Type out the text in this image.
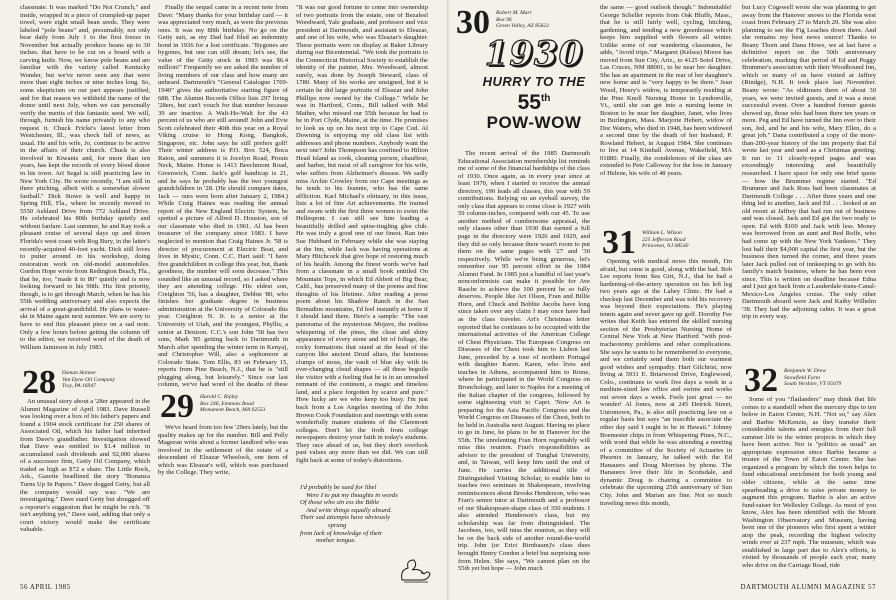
classmate. It was marked "Do Not Crunch," and inside, wrapped in a piece of crumpled-up paper towel, were eight small bean seeds. They were labeled "pole beans" and, presumably, not only bear daily from July 1 to the first freeze in November but actually produce beans up to 30 inches. that have to be cut on a board with a carving knife. Now, we know pole beans and are familiar with the variety called Kentucky Wonder, but we've never seen any that were more than eight inches or nine inches long. So, some skepticism on our part appears justified, and for that reason we withheld the name of the donor until next July, when we can personally verify the merits of this fantastic seed. We will, through, furnish his name privately to any who request it. Chuck Fricke's latest letter from Westchester, Ill., was chock full of news, as usual. He and his wife, Jo, continue to be active in the affairs of their church. Chuck is also involved in Kiwanis and, for more than ten years, has kept the records of every blood donor in his town. Art Segal is still practicing law in New York City. He wrote recently, "I am still in there pitching, albeit with a somewhat slower fastball." Dick Stowe is well and happy in Spring Hill, Fla., where he recently moved to 5550 Ashland Drive from 772 Ashland Drive. He celebrated his 80th birthday quietly and without fanfare. Last summer, he and Kay took a pleasant cruise of several days up and down Florida's west coast with Rog Bury, in the latter's recently-acquired 40-foot yacht. Dick still loves to putter around in his workshop, doing restoration work on old-model automobiles. Gordon Hope wrote from Redington Beach, Fla., that he, too, "made it to 80" quietly and is now looking forward to his 90th. His first priority, though, is to get through March, when he has his 55th wedding anniversary and also expects the arrival of a great-grandchild. He plans to water-ski in Maine again next summer. We are sorry to have to end this pleasant piece on a sad note. Only a few hours before getting the column off to the editor, we received word of the death of William Jamieson in July 1983.

28 Osman Skinner
Van Dyne Oil Company
Troy, PA 16947

An unusual story about a '28er appeared in the Alumni Magazine of April 1983. Dave Russell was looking over a box of his father's papers and found a 1904 stock certificate for 250 shares of Associated Oil, which his father had inherited from Dave's grandfather. Investigation showed that Dave was entitled to $1.4 million in accumulated cash dividends and 92,000 shares of a successor firm, Getty Oil Company, which traded as high as $72 a share. The Little Rock, Ark., Gazette headlined the story "Bonanza Turns Up In Papers." Dave dogged Getty, but all the company would say was: "We are investigating." Dave sued Getty but shrugged off a reporter's suggestion that he might be rich. "It isn't anything yet," Dave said, adding that only a court victory would make the certificate valuable.

Finally the sequel came in a recent note from Dave: "Many thanks for your birthday card — it was appreciated very much, as were the previous ones. It was my 80th birthday. No go on the Getty suit, as my Dad had filed an indemnity bond in 1936 for a lost certificate. "Bygones are bygones, but one can still dream; let's see, the value of the Getty stock in 1983 was $6.4 million!" Frequently we are asked the number of living members of our class and how many are unheard. Dartmouth's "General Catalogue 1769-1940" gives the authoritative starting figure of 688. The Alumni Records Office lists 297 living '28ers, but can't vouch for that number because 39 are inactive. A Walt-Ho-Walt for the 43 percent of us who are still around! John and Evie Scott celebrated their 40th this year on a Royal Viking cruise to Hong Kong, Bangkok, Singapore, etc. John says he still prefers golf! Their winter address is P.O. Box 524, Boca Raton, and summers it is Jocelyn Road, Prouts Neck, Maine. Home is 1413 Beechmont Road, Greenwich, Conn. Jack's golf handicap is 21, and he says he probably has the two youngest grandchildren in '28. (He should compare dates, Jack — ours were born after January 2, 1984.) While Craig Haines was reading the annual report of the New England Electric System, he spotted a picture of Alfred D. Houston, son of our classmate who died in 1961. Al has been treasurer of the company since 1983. I have neglected to mention that Craig Haines Jr. '58 is director of procurement at Electric Boat, and lives in Mystic, Conn. C.C. Hart said: "I have five grandchildren in college this year, but, thank goodness, the number will soon decrease." This sounded like an unusual record, so I asked where they are attending college. His eldest son, Creighton '56, has a daughter, Debbie '80, who finishes her graduate degree in business administration at the University of Colorado this year. Creighton N. Jr. is a senior at the University of Utah, and the youngest, Phyllis, a senior at Denison. C.C.'s son John '58 has two sons, Mark '85 getting back to Dartmouth in March after spending the winter term in Kenya), and Christopher Will, also a sophomore at Colorado State. Tom Ellis, 83 on February 15, reports from Pine Beach, N.J., that he is "still plugging along, but leisurely." Since our last column, we've had word of the deaths of these

29 Harold C. Ripley
Box 246, Emmons Road
Monument Beach, MA 02553

We've heard from too few '29ers lately, but the quality makes up for the number. Bill and Polly Mageean write about a former landlord who was involved in the settlement of the estate of a descendant of Eleazar Wheelock, one item of which was Eleazar's will, which was purchased by the College. They write,

"It was our good fortune to come into ownership of two portraits from the estate, one of Bezaleel Woodward, Yale graduate, and professor and vice president at Dartmouth, and assistant to Eleazar, and one of his wife, who was Eleazar's daughter. These portraits were on display at Baker Library during our Bicentennial. "We took the portraits to the Connecticut Historical Society to establish the identity of the painter, Mrs. Woodward, almost surely, was done by Joseph Steward, class of 1780. Many of his works are unsigned, but it is certain he did large portraits of Eleazar and John Phillips now owned by the College." While he was in Hartford, Conn., Bill talked with Mal Mather, who missed our 55th because he had to be in Port Clyde, Maine, at the time. He promises to look us up on his next trip to Cape Cod. Al Downing is enjoying my old class list with addresses and phone numbers. Anybody want the next one? John Thompson has confined to Hilton Head Island as cook, cleaning person, chauffeur, and barber, but most of all caregiver for his wife, who suffers from Alzheimer's disease. We sadly miss Archie Crowley from our Cape meetings as he tends to his Jeannie, who has the same affliction. Karl Michael's obituary, in this issue, lists a lot of fine Art achievements. He trained and swam with the first three women to swim the Hellespont. I can still see him leading a beautifully drilled and spine-tingling glee club. He was truly a good one of our finest. Ran into Sue Hubbard in February while she was staying at the Inn, while Jack was having operations at Mary Hitchcock that give hope of restoring much of his health. Among the finest words we've had from a classmate in a small book entitled On Mountain Tops, in which Ed Abbott of Big Bear, Calif., has preserved many of the poems and fine thoughts of his lifetime. After reading a prose poem about his Shadow Ranch in the San Bernadino mountains, I'd feel instantly at home if I should land there. Here's a sample: "The vast panorama of the mysterious Mojave, the restless whispering of the pines, the clean and shiny appearance of every stone and bit of foliage, the rocky formations that stand at the head of the canyon like ancient Druid altars, the luminous clumps of moss, the vault of blue sky with its ever-changing cloud shapes — all these beguile the visitor with a feeling that he is in an unrushed remnant of the continent, a magic and timeless land, and a place forgotten by scarce and pure." How lucky are we who keep too busy. I'm just back from a Los Angeles meeting of the John Brown Cook Foundation and meetings with some wonderfully mature students of the Claremont colleges. Don't let the froth from college newspapers destroy your faith in today's students. They race ahead of us, but they don't overlook past values any more than we did. We can still fight back at some of today's distortions.

I'd probably be sued for libel
Were I to put my thoughts in words
Of those who sin ess the Bible
And write things equally absurd.
Their sad attempts have obviously
sprung
from lack of knowledge of their
mother tongue.
56 APRIL 1985
30 Robert M. Marr
Box 96
Green Valley, AZ 85622
1930
HURRY TO THE
55th
POW-WOW

The recent arrival of the 1985 Dartmouth Educational Association membership list reminds me of some of the financial hardships of the class of 1930. Once again, as in every year since at least 1970, when I started to receive the annual directory, 190 leads all classes, this year with 59 contributions. Relying on an eyeball survey, the only class that appears to come close is 1927 with 59 column-inches, compared with our 45. To use another method of cumbersome appraisal, the only classes other than 1930 that earned a full page in the directory were 1926 and 1929, and they did so only because there wasn't room to put them on the same pages with '27 and '30 respectively. While we're being generous, let's remember our 95 percent effort in the 1984 Alumni Fund. In 1985 just a handful of last year's nonconformists can make it possible for Ave Rasche to achieve the 100 percent he so fully deserves. People like Art Olson, Fran and Billie Horn, and Chuck and Bobbie Jacobs have long since taken over any claim I may once have had as the class traveler. Art's Christmas letter reported that he continues to be occupied with the international activities of the American College of Chest Physicians. The European Congress on Diseases of the Chest took him to Lisbon last June, preceded by a tour of northern Portugal with daughter Karen. Karen, who lives and teaches in Athens, accompanied him to Rome, where he participated in the World Congress on Bronchology, and later to Naples for a meeting of the Italian chapter of the congress, followed by some sightseeing visit to Capri. 'Now Art is preparing for the Asia Pacific Congress and the World Congress on Diseases of the Chest, both to be held in Australia next August. Having no place to go in June, he plans to be in Hanover for the 55th. The unrelenting Fran Horn regrettably will miss this reunion. Fran's responsibilities as advisor to the president of Tunghai University, and, in Taiwan, will keep him until the end of June. He carries the additional title of Distinguished Visiting Scholar, to enable him to teaches two seminars in Shakespeare, involving reminiscences about Brooks Henderson, who was Fran's senior tutor at Dartmouth and a professor of our Shakespeare-shape class of 350 students. I also attended Henderson's class, but my scholarship was far from distinguished. The Jacobses, too, will miss the reunion, as they will be on the back side of another round-the-world trip. John (or Erict Birnbaum)'s class dues brought Henry Condon a brief but surprising note from Helen. She says, "We cannot plan on the 55th yet but hope — John much

the same — good outlook though." Indomitable! George Scheller reports from Oak Bluffs, Mass., that he is still fairly well, cycling, hitching, gardening, and tending a new greenhouse which keeps him supplied with flowers all winter. Unlike some of our wandering classmates, he adds, "Avoid trips." Margaret (Kelsea) Moore has moved from Sun City, Ariz., to 4125 Sotol Drive, Las Cruces, NM 88001, to be near her daughter. She has an apartment in the rear of her daughter's new home and is "very happy to be there." Jean Wood, Henry's widow, is temporarily residing at the Pine Knoll Nursing Home in Lyndonville, Vt., until she can get into a nursing home in Boston to be near her daughter, Janet, who lives in Burlington, Mass. Marjorie Hebert, widow of Doc Waters, who died in 1948, has been widowed a second time by the death of her husband, P. Rowland Hebert, in August 1984. She continues to live at 14 Kimball Avenue, Wakefield, MA 01880. Finally, the condolences of the class are extended to Pete Calloway for the loss in January of Helene, his wife of 48 years.

31 William L. Wilson
225 Jefferson Road
Princeton, NJ 08540

Opening with medical news this month, I'm afraid, but some is good, along with the bad. Bob Lee reports from Sea Girt, N.J., that he had a hardening-of-the-artery operation on his left leg two years ago at the Lahey Clinic. He had a checkup last December and was told his recovery was beyond their expectations. He's playing tennis again and never gave up golf. Dorothy Fee writes that Keith has entered the skilled nursing section of the Presbyterian Nursing Home of Central New York at New Hartford "with post-tracheotomy problems and other complications. She says he wants to be remembered to everyone, and we certainly send them both our warmest good wishes and sympathy. Hart Gilchrist, now living at 5931 E. Briarwood Drive, Englewood, Colo., continues to work five days a week in a medium-sized law office and swims and works out seven days a week. Feels just great — no wonder! Al Jones, now at 245 Detrick Street, Uniontown, Pa., is also still practicing law on a regular basis but says "an irascible associate the other day said I ought to be in Hawaii." Johnny Boemester chips in from Whispering Pines, N.C., with word that while he was attending a meeting of a committee of the Society of Actuaries in Phoenix in January, he talked with the Ed Hanauers and Doug Morrises by phone. The Hanauers love their life in Scottsdale, and dynamic Doug is chairing a committee to celebrate the upcoming 25th anniversary of Sun City. John and Marian are fine. Not so much traveling news this month,

but Lucy Cogswell wrote she was planning to get away from the Hanover snows to the Florida west coast from February 27 to March 29. She was also planning to see the Fig Leaches down there. And she remains my best news source! Thanks to Beany Thorn and Dana Howe, we at last have a definitive report on the 50th anniversary celebration, marking that period of Ed and Peggy Brummer's association with their Woodbound Inn, which so many of us have visited at Jaffrey (Rindge), N.H. It took place last November. Beany wrote: "As oldtimers there of about 30 years, we were invited guests, and it was a most successful event. Over a hundred former guests showed up, those who had been there ten years or more. Peg and Ed have turned the Inn over to their son, Jed, and he and his wife, Mary Ellen, do a great job." Dana contributed a copy of the more-than-200-year history of the inn property that Ed wrote last year and used as a Christmas greeting. It ran to 11 closely-typed pages and was exceedingly interesting and beautifully researched. I have space for only one brief quote — how the Brummer regime started. "Ed Brummer and Jack Ross had been classmates at Dartmouth College . . . After three years and one thing led to another, Jack and Ed . . . looked at an old resort at Jaffrey that had run out of business and was closed. Jack and Ed got the two ready to open. Ed with $100 and Jack with less. Money was borrowed from an aunt and Red Rolfe, who had come up with the New York Yankees." They lost half their $4,000 capital the first year, but the business then turned the corner, and three years later Jack pulled out of innkeeping to go with his family's match business, where he has been ever since. This is written on deadline because Edna and I just got back from a Lauderdale-trans-Canal-Mexico-Los Angeles cruise. The only other Dartmouth aboard were Jack and Kathy Wilhelm '38. They had the adjoining cabin. It was a great trip in every way.

32 Benjamin W. Drew
Snowfield Farm
South Vershire, VT 05079

Some of you "flatlanders" may think that life comes to a standstill when the mercury dips to ten below in Eaton Center, N.H. "Not so," say Alex and Barbie McKenzie, as they transfer their considerable talents and energies from their full summer life to the winter projects in which they have been active. Nor is "politics as usual" an appropriate expression since Barbie became a trustee of the Town of Eaton Center. She has organized a program by which the town helps to fund educational enrichment for both young and older citizens, while at the same time spearheading a drive to raise private money to augment this program. Barbie is also an active fund-raiser for Wellesley College. As most of you know, Alex has been identified with the Mount Washington Observatory and Museum, having been one of the pioneers who first spent a winter atop the peak, recording the highest velocity winds ever at 237 mph. The museum, which was established in large part due to Alex's efforts, is visited by thousands of people each year, many who drive on the Carriage Road, ride

DARTMOUTH ALUMNI MAGAZINE 57
